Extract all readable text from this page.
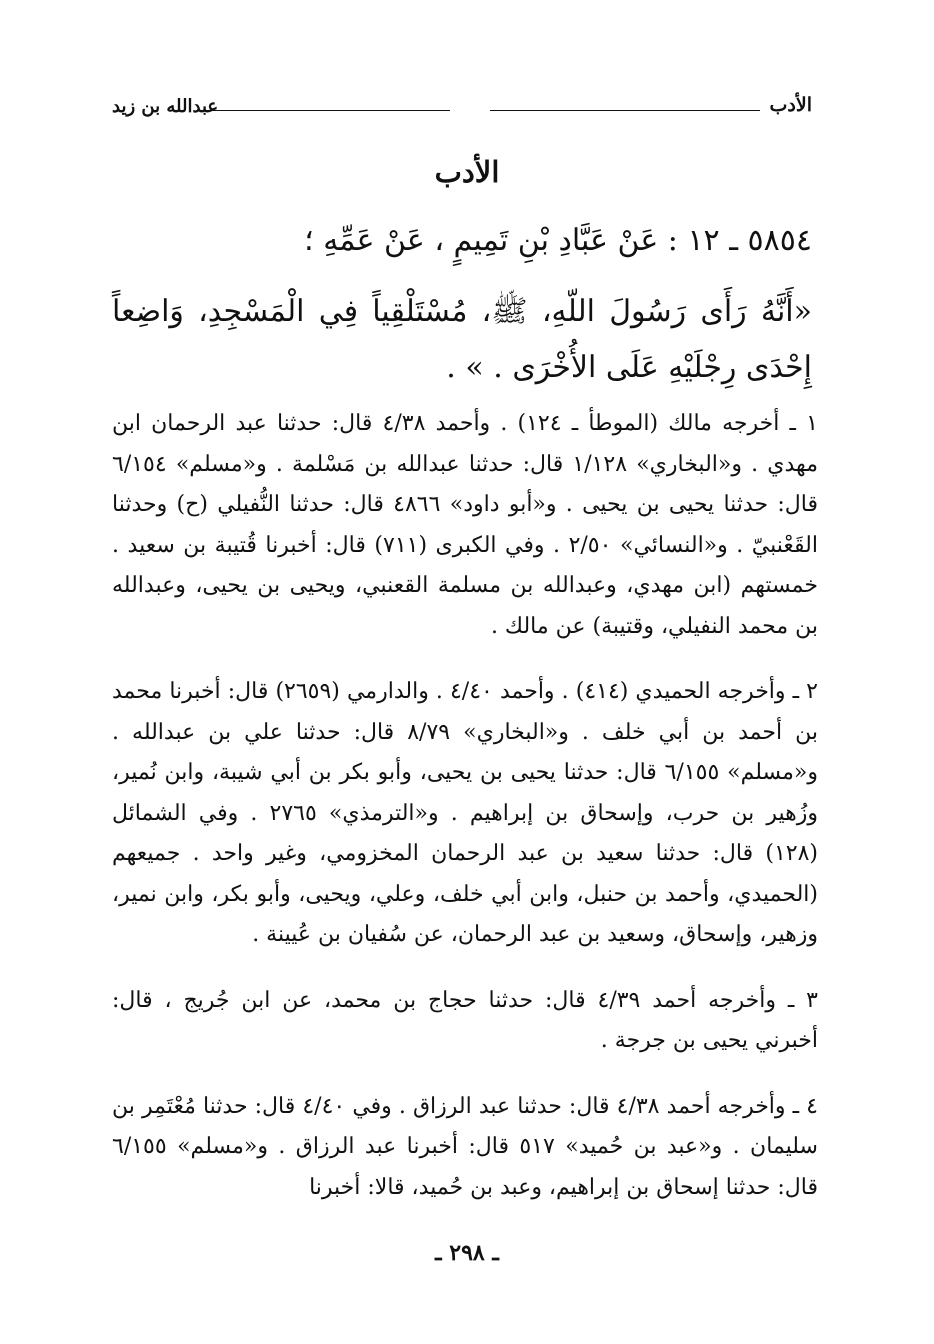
الأدب
عبدالله بن زيد
الأدب
٥٨٥٤ ـ ١٢ : عَنْ عَبَّادِ بْنِ تَمِيمٍ ، عَنْ عَمِّهِ ؛
«أَنَّهُ رَأَى رَسُولَ اللّهِ، ﷺ، مُسْتَلْقِياً فِي الْمَسْجِدِ، وَاضِعاً إِحْدَى رِجْلَيْهِ عَلَى الأُخْرَى . » .

١ ـ أخرجه مالك (الموطأ ـ ١٢٤) . وأحمد ٤/٣٨ قال: حدثنا عبد الرحمان ابن مهدي . و«البخاري» ١/١٢٨ قال: حدثنا عبدالله بن مَسْلمة . و«مسلم» ٦/١٥٤ قال: حدثنا يحيى بن يحيى . و«أبو داود» ٤٨٦٦ قال: حدثنا النُّفيلي (ح) وحدثنا القَعْنبيّ . و«النسائي» ٢/٥٠ . وفي الكبرى (٧١١) قال: أخبرنا قُتيبة بن سعيد . خمستهم (ابن مهدي، وعبدالله بن مسلمة القعنبي، ويحيى بن يحيى، وعبدالله بن محمد النفيلي، وقتيبة) عن مالك .

٢ ـ وأخرجه الحميدي (٤١٤) . وأحمد ٤/٤٠ . والدارمي (٢٦٥٩) قال: أخبرنا محمد بن أحمد بن أبي خلف . و«البخاري» ٨/٧٩ قال: حدثنا علي بن عبدالله . و«مسلم» ٦/١٥٥ قال: حدثنا يحيى بن يحيى، وأبو بكر بن أبي شيبة، وابن نُمير، وزُهير بن حرب، وإسحاق بن إبراهيم . و«الترمذي» ٢٧٦٥ . وفي الشمائل (١٢٨) قال: حدثنا سعيد بن عبد الرحمان المخزومي، وغير واحد . جميعهم (الحميدي، وأحمد بن حنبل، وابن أبي خلف، وعلي، ويحيى، وأبو بكر، وابن نمير، وزهير، وإسحاق، وسعيد بن عبد الرحمان، عن سُفيان بن عُيينة .

٣ ـ وأخرجه أحمد ٤/٣٩ قال: حدثنا حجاج بن محمد، عن ابن جُريج ، قال: أخبرني يحيى بن جرجة .

٤ ـ وأخرجه أحمد ٤/٣٨ قال: حدثنا عبد الرزاق . وفي ٤/٤٠ قال: حدثنا مُعْتَمِر بن سليمان . و«عبد بن حُميد» ٥١٧ قال: أخبرنا عبد الرزاق . و«مسلم» ٦/١٥٥ قال: حدثنا إسحاق بن إبراهيم، وعبد بن حُميد، قالا: أخبرنا

ـ ٢٩٨ ـ
